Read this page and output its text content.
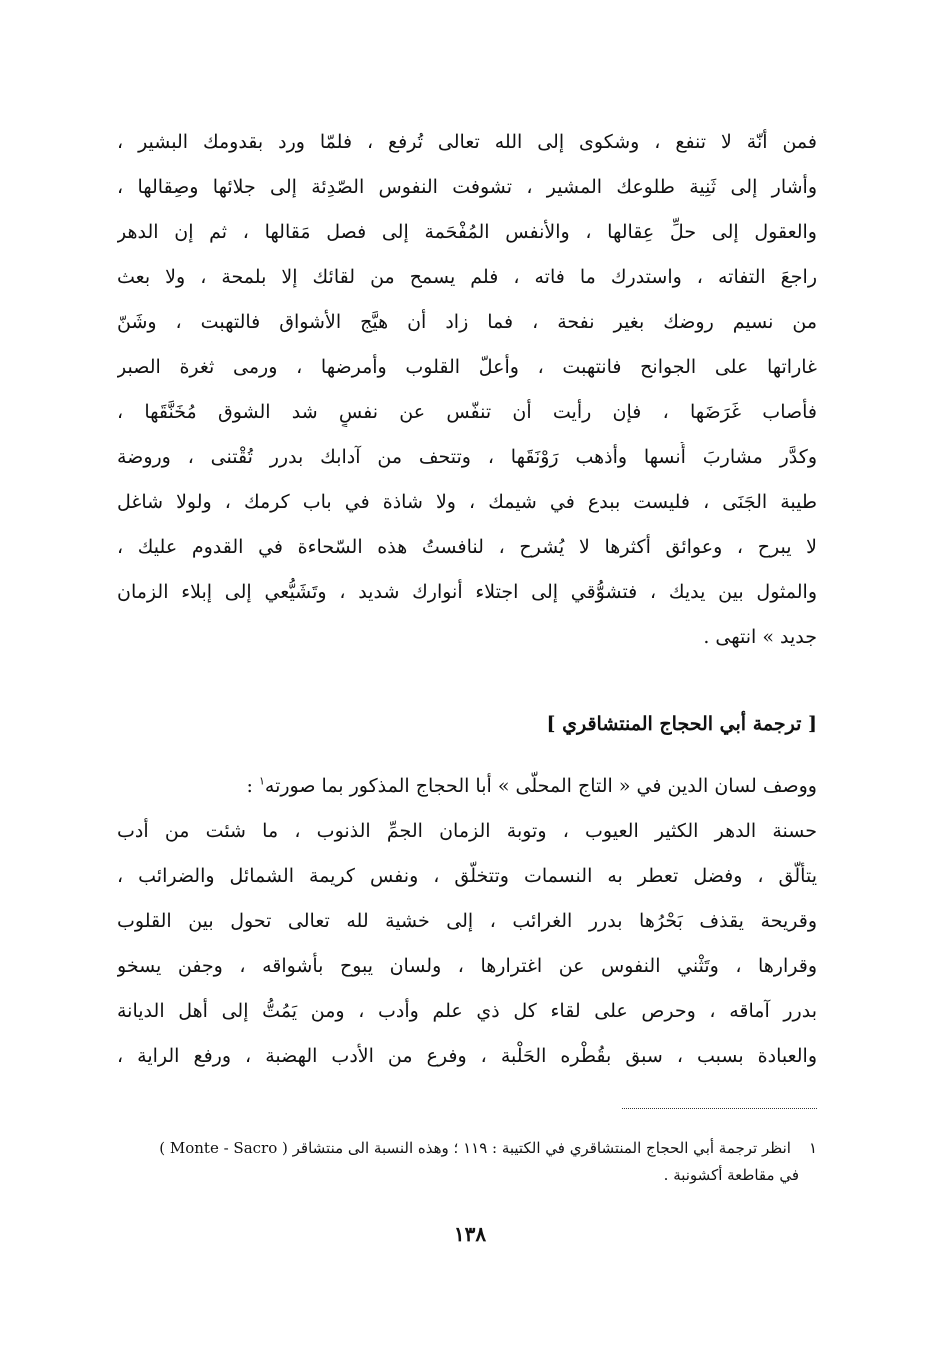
فمن أنّة لا تنفع ، وشكوى إلى الله تعالى تُرفع ، فلمّا ورد بقدومك البشير ،
وأشار إلى ثَنِية طلوعك المشير ، تشوفت النفوس الصّدِئة إلى جلائها وصِقالها ،
والعقول إلى حلِّ عِقالها ، والأنفس المُفْحَمة إلى فصل مَقالها ، ثم إن الدهر
راجعَ التفاته ، واستدرك ما فاته ، فلم يسمح من لقائك إلا بلمحة ، ولا بعث
من نسيم روضك بغير نفحة ، فما زاد أن هيَّج الأشواق فالتهبت ، وشَنّ
غاراتها على الجوانح فانتهبت ، وأعلّ القلوب وأمرضها ، ورمى ثغرة الصبر
فأصاب غَرَضَها ، فإن رأيت أن تنفّس عن نفسٍ شد الشوق مُخَنَّقَها ،
وكدَّر مشاربَ أُنسها وأذهب رَوْنَقَها ، وتتحف من آدابك بدرر تُقْتنى ، وروضة
طيبة الجَنَى ، فليست ببدع في شيمك ، ولا شاذة في باب كرمك ، ولولا شاغل
لا يبرح ، وعوائق أكثرها لا يُشرح ، لنافستُ هذه السّحاءة في القدوم عليك ،
والمثول بين يديك ، فتشوُّقي إلى اجتلاء أنوارك شديد ، وتَشَيُّعي إلى إبلاء الزمان
جديد » انتهى .
[ ترجمة أبي الحجاج المنتشاقري ]
ووصف لسان الدين في « التاج المحلّى » أبا الحجاج المذكور بما صورته$^١$ :
حسنة الدهر الكثير العيوب ، وتوبة الزمان الجمِّ الذنوب ، ما شئت من أدب
يتألّق ، وفضل تعطر به النسمات وتتخلّق ، ونفس كريمة الشمائل والضرائب ،
وقريحة يقذف بَحْرُها بدرر الغرائب ، إلى خشية لله تعالى تحول بين القلوب
وقرارها ، وتَثْني النفوس عن اغترارها ، ولسان يبوح بأشواقه ، وجفن يسخو
بدرر آماقه ، وحرص على لقاء كل ذي علم وأدب ، ومن يَمُتُّ إلى أهل الديانة
والعبادة بسبب ، سبق بقُطْره الحَلْبة ، وفرع من الأدب الهضبة ، ورفع الراية ،
١انظر ترجمة أبي الحجاج المنتشاقري في الكتيبة : ١١٩ ؛ وهذه النسبة الى منتشاقر ( Monte - Sacro )
في مقاطعة أكشونبة .
١٣٨
